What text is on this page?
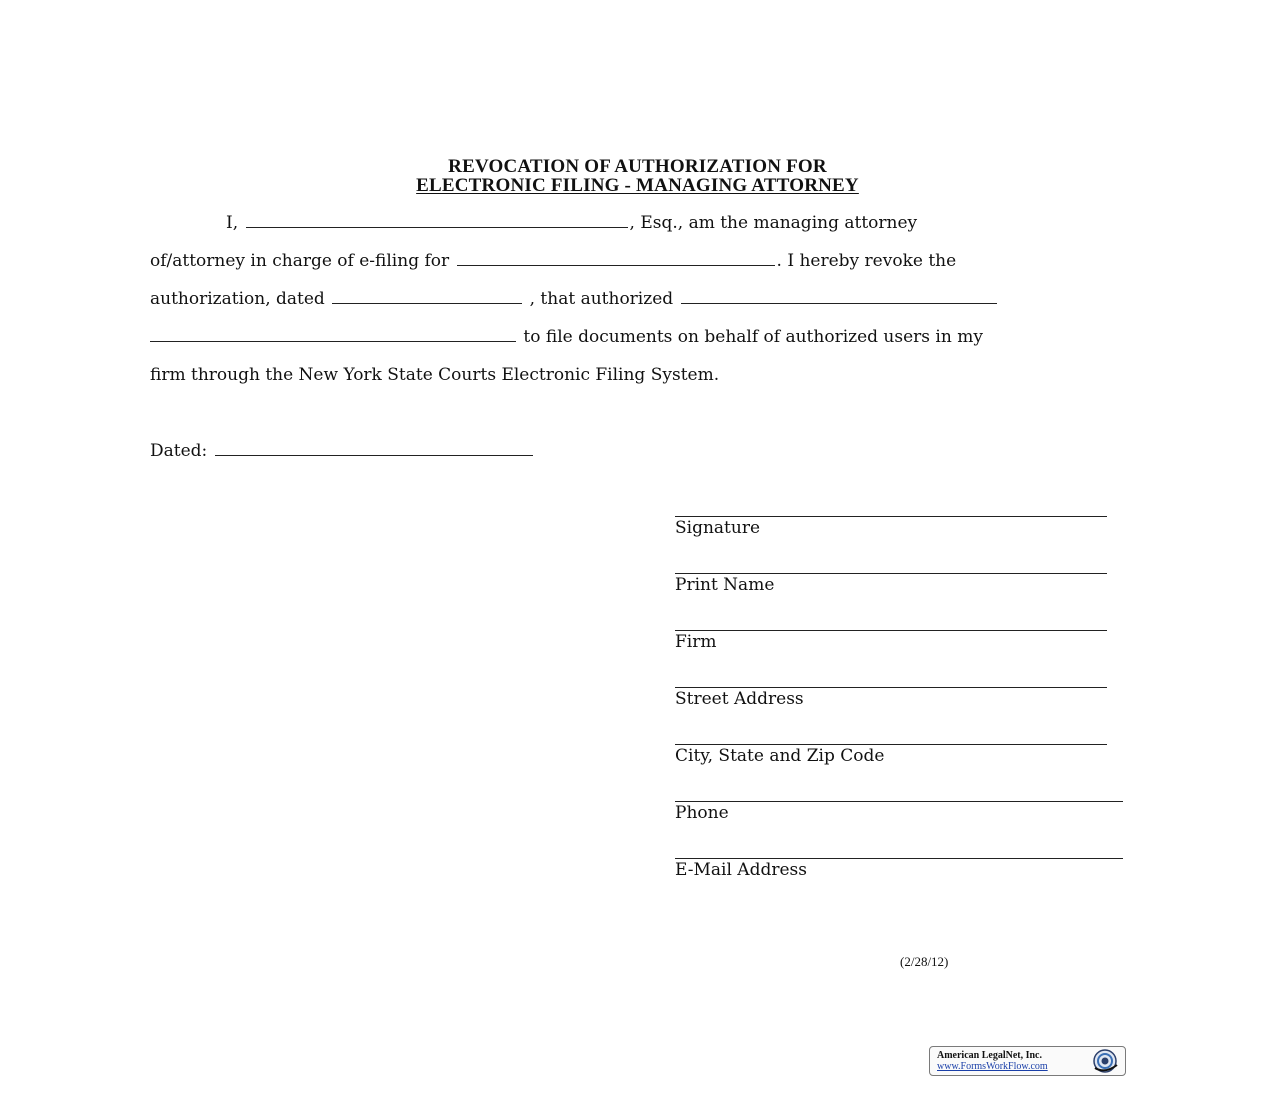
REVOCATION OF AUTHORIZATION FOR
ELECTRONIC FILING - MANAGING ATTORNEY
I,	, Esq., am the managing attorney
of/attorney in charge of e-filing for	. I hereby revoke the
authorization, dated	, that authorized
to file documents on behalf of authorized users in my
firm through the New York State Courts Electronic Filing System.
Dated:
Signature
Print Name
Firm
Street Address
City, State and Zip Code
Phone
E-Mail Address
(2/28/12)
American LegalNet, Inc.
www.FormsWorkFlow.com
